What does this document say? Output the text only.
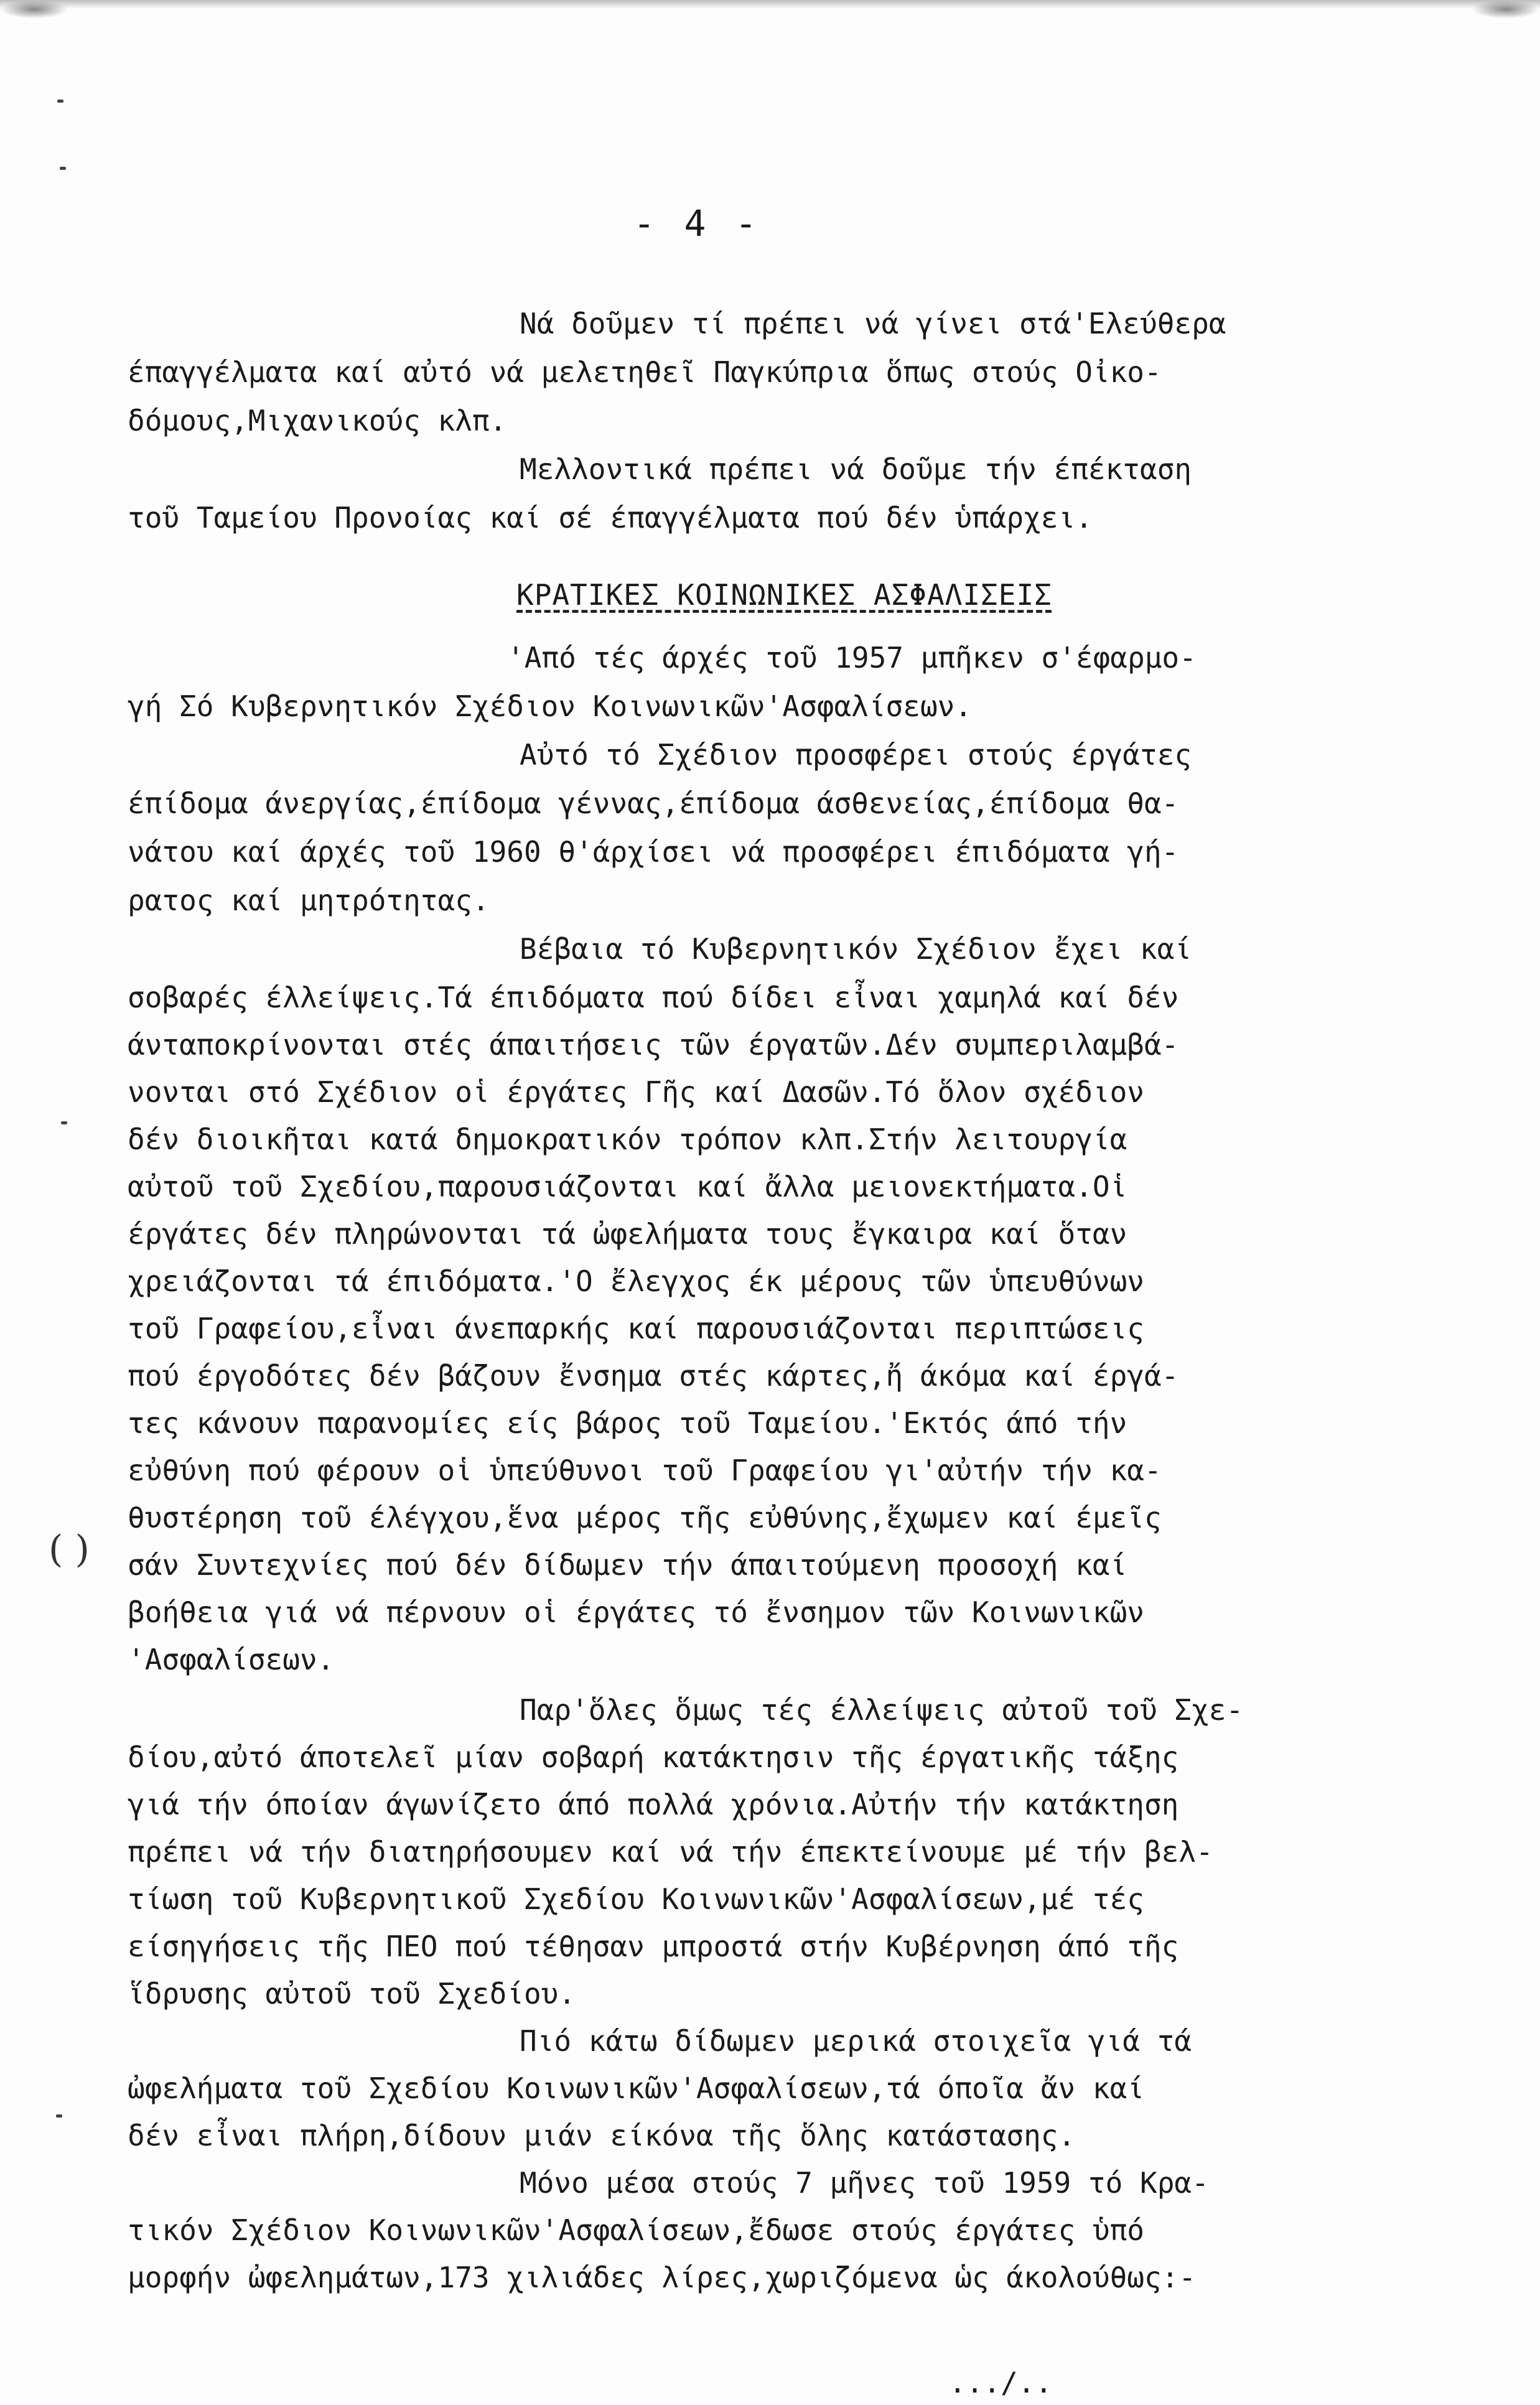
- 4 -
Νά δοῦμεν τί πρέπει νά γίνει στά'Ελεύθερα
έπαγγέλματα καί αὐτό νά μελετηθεῖ Παγκύπρια ὅπως στούς Οἰκο-
δόμους,Μιχανικούς κλπ.
Μελλοντικά πρέπει νά δοῦμε τήν έπέκταση
τοῦ Ταμείου Προνοίας καί σέ έπαγγέλματα πού δέν ὑπάρχει.
ΚΡΑΤΙΚΕΣ ΚΟΙΝΩΝΙΚΕΣ ΑΣΦΑΛΙΣΕΙΣ
'Από τές άρχές τοῦ 1957 μπῆκεν σ'έφαρμο-
γή Σό Κυβερνητικόν Σχέδιον Κοινωνικῶν'Ασφαλίσεων.
Αὐτό τό Σχέδιον προσφέρει στούς έργάτες
έπίδομα άνεργίας,έπίδομα γέννας,έπίδομα άσθενείας,έπίδομα θα-
νάτου καί άρχές τοῦ 1960 θ'άρχίσει νά προσφέρει έπιδόματα γή-
ρατος καί μητρότητας.
Βέβαια τό Κυβερνητικόν Σχέδιον ἔχει καί
σοβαρές έλλείψεις.Τά έπιδόματα πού δίδει εἶναι χαμηλά καί δέν
άνταποκρίνονται στές άπαιτήσεις τῶν έργατῶν.Δέν συμπεριλαμβά-
νονται στό Σχέδιον οἱ έργάτες Γῆς καί Δασῶν.Τό ὅλον σχέδιον
δέν διοικῆται κατά δημοκρατικόν τρόπον κλπ.Στήν λειτουργία
αὐτοῦ τοῦ Σχεδίου,παρουσιάζονται καί ἄλλα μειονεκτήματα.Οἱ
έργάτες δέν πληρώνονται τά ὠφελήματα τους ἔγκαιρα καί ὅταν
χρειάζονται τά έπιδόματα.'Ο ἔλεγχος έκ μέρους τῶν ὑπευθύνων
τοῦ Γραφείου,εἶναι άνεπαρκής καί παρουσιάζονται περιπτώσεις
πού έργοδότες δέν βάζουν ἔνσημα στές κάρτες,ἤ άκόμα καί έργά-
τες κάνουν παρανομίες είς βάρος τοῦ Ταμείου.'Εκτός άπό τήν
εὐθύνη πού φέρουν οἱ ὑπεύθυνοι τοῦ Γραφείου γι'αὐτήν τήν κα-
θυστέρηση τοῦ έλέγχου,ἕνα μέρος τῆς εὐθύνης,ἔχωμεν καί έμεῖς
σάν Συντεχνίες πού δέν δίδωμεν τήν άπαιτούμενη προσοχή καί
βοήθεια γιά νά πέρνουν οἱ έργάτες τό ἔνσημον τῶν Κοινωνικῶν
'Ασφαλίσεων.
Παρ'ὅλες ὅμως τές έλλείψεις αὐτοῦ τοῦ Σχε-
δίου,αὐτό άποτελεῖ μίαν σοβαρή κατάκτησιν τῆς έργατικῆς τάξης
γιά τήν όποίαν άγωνίζετο άπό πολλά χρόνια.Αὐτήν τήν κατάκτηση
πρέπει νά τήν διατηρήσουμεν καί νά τήν έπεκτείνουμε μέ τήν βελ-
τίωση τοῦ Κυβερνητικοῦ Σχεδίου Κοινωνικῶν'Ασφαλίσεων,μέ τές
είσηγήσεις τῆς ΠΕΟ πού τέθησαν μπροστά στήν Κυβέρνηση άπό τῆς
ἵδρυσης αὐτοῦ τοῦ Σχεδίου.
Πιό κάτω δίδωμεν μερικά στοιχεῖα γιά τά
ὠφελήματα τοῦ Σχεδίου Κοινωνικῶν'Ασφαλίσεων,τά όποῖα ἄν καί
δέν εἶναι πλήρη,δίδουν μιάν είκόνα τῆς ὅλης κατάστασης.
Μόνο μέσα στούς 7 μῆνες τοῦ 1959 τό Κρα-
τικόν Σχέδιον Κοινωνικῶν'Ασφαλίσεων,ἔδωσε στούς έργάτες ὑπό
μορφήν ὠφελημάτων,173 χιλιάδες λίρες,χωριζόμενα ὡς άκολούθως:-
...∕..
( )
